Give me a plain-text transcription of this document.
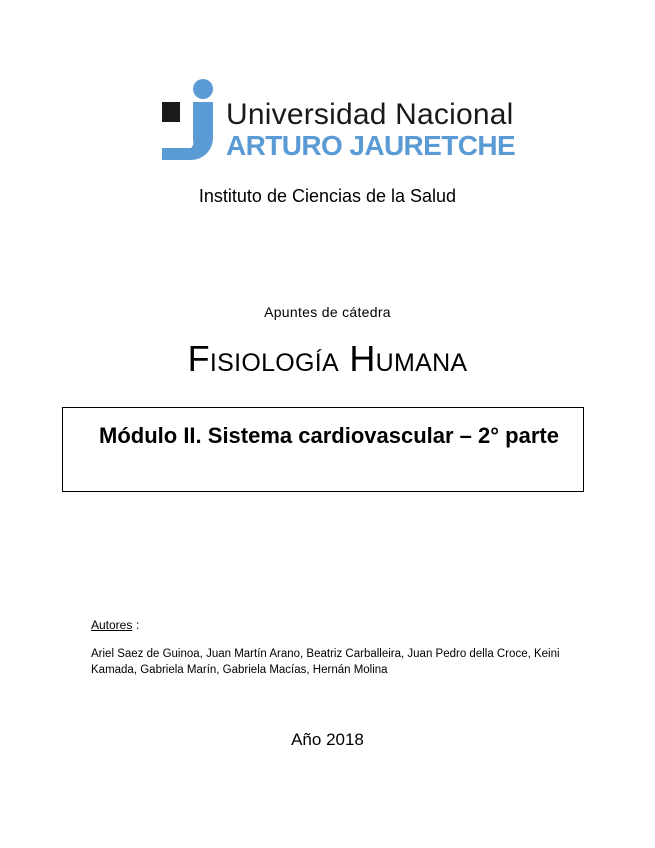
Universidad Nacional
ARTURO JAURETCHE
Instituto de Ciencias de la Salud
Apuntes de cátedra
Fisiología Humana
Módulo II. Sistema cardiovascular – 2° parte
Autores :
Ariel Saez de Guinoa, Juan Martín Arano, Beatriz Carballeira, Juan Pedro della Croce, Keini Kamada, Gabriela Marín, Gabriela Macías, Hernán Molina
Año 2018
